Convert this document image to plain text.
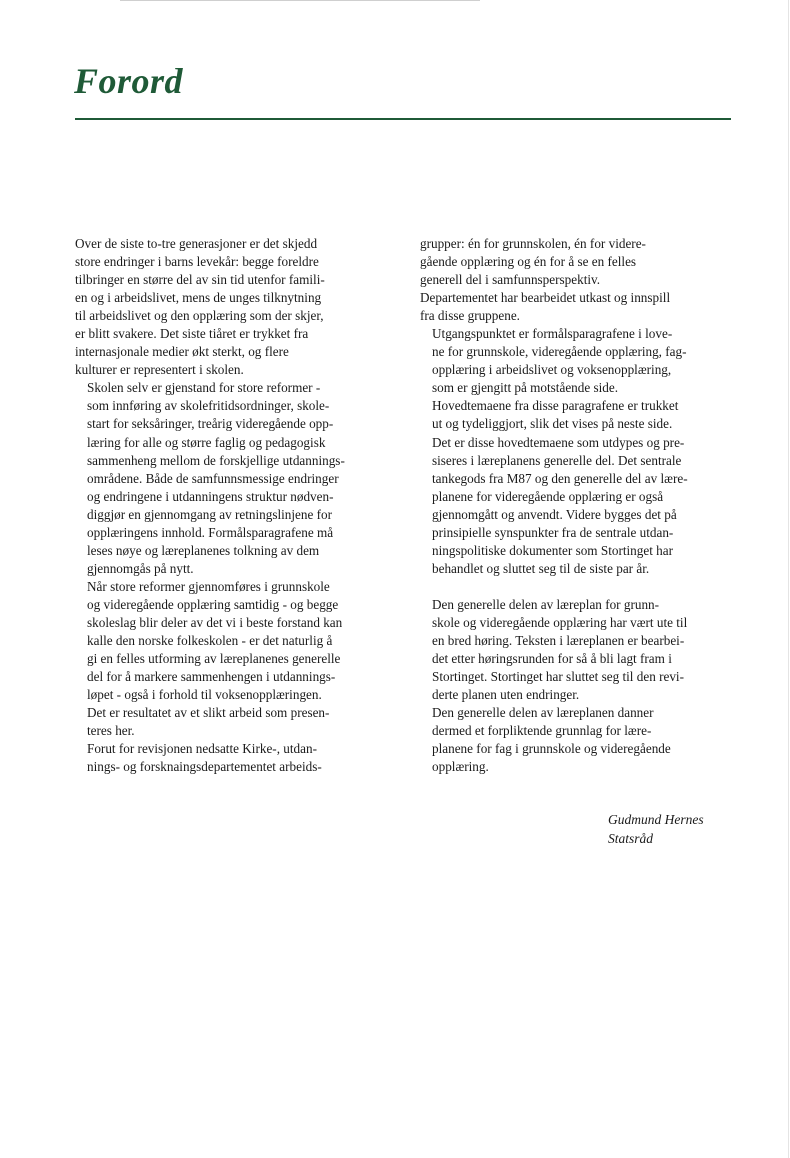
Forord

Over de siste to-tre generasjoner er det skjedd
store endringer i barns levekår: begge foreldre
tilbringer en større del av sin tid utenfor famili-
en og i arbeidslivet, mens de unges tilknytning
til arbeidslivet og den opplæring som der skjer,
er blitt svakere. Det siste tiåret er trykket fra
internasjonale medier økt sterkt, og flere
kulturer er representert i skolen.

Skolen selv er gjenstand for store reformer -
som innføring av skolefritidsordninger, skole-
start for seksåringer, treårig videregående opp-
læring for alle og større faglig og pedagogisk
sammenheng mellom de forskjellige utdannings-
områdene. Både de samfunnsmessige endringer
og endringene i utdanningens struktur nødven-
diggjør en gjennomgang av retningslinjene for
opplæringens innhold. Formålsparagrafene må
leses nøye og læreplanenes tolkning av dem
gjennomgås på nytt.

Når store reformer gjennomføres i grunnskole
og videregående opplæring samtidig - og begge
skoleslag blir deler av det vi i beste forstand kan
kalle den norske folkeskolen - er det naturlig å
gi en felles utforming av læreplanenes generelle
del for å markere sammenhengen i utdannings-
løpet - også i forhold til voksenopplæringen.
Det er resultatet av et slikt arbeid som presen-
teres her.

Forut for revisjonen nedsatte Kirke-, utdan-
nings- og forsknaingsdepartementet arbeids-

grupper: én for grunnskolen, én for videre-
gående opplæring og én for å se en felles
generell del i samfunnsperspektiv.
Departementet har bearbeidet utkast og innspill
fra disse gruppene.

Utgangspunktet er formålsparagrafene i love-
ne for grunnskole, videregående opplæring, fag-
opplæring i arbeidslivet og voksenopplæring,
som er gjengitt på motstående side.
Hovedtemaene fra disse paragrafene er trukket
ut og tydeliggjort, slik det vises på neste side.
Det er disse hovedtemaene som utdypes og pre-
siseres i læreplanens generelle del. Det sentrale
tankegods fra M87 og den generelle del av lære-
planene for videregående opplæring er også
gjennomgått og anvendt. Videre bygges det på
prinsipielle synspunkter fra de sentrale utdan-
ningspolitiske dokumenter som Stortinget har
behandlet og sluttet seg til de siste par år.

Den generelle delen av læreplan for grunn-
skole og videregående opplæring har vært ute til
en bred høring. Teksten i læreplanen er bearbei-
det etter høringsrunden for så å bli lagt fram i
Stortinget. Stortinget har sluttet seg til den revi-
derte planen uten endringer.

Den generelle delen av læreplanen danner
dermed et forpliktende grunnlag for lære-
planene for fag i grunnskole og videregående
opplæring.

Gudmund Hernes
Statsråd
